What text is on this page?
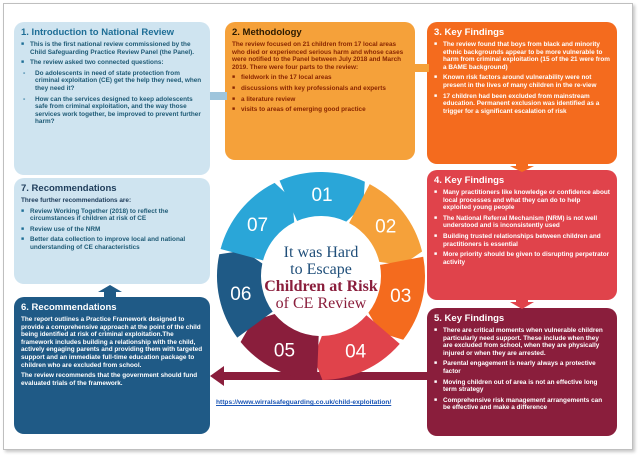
1. Introduction to National Review
■ This is the first national review commissioned by the Child Safeguarding Practice Review Panel (the Panel).
■ The review asked two connected questions:
- Do adolescents in need of state protection from criminal exploitation (CE) get the help they need, when they need it?
- How can the services designed to keep adolescents safe from criminal exploitation, and the way those services work together, be improved to prevent further harm?
2. Methodology

The review focused on 21 children from 17 local areas who died or experienced serious harm and whose cases were notified to the Panel between July 2018 and March 2019. There were four parts to the review:

■ fieldwork in the 17 local areas
■ discussions with key professionals and experts
■ a literature review
■ visits to areas of emerging good practice
3. Key Findings
■ The review found that boys from black and minority ethnic backgrounds appear to be more vulnerable to harm from criminal exploitation (15 of the 21 were from a BAME background)
■ Known risk factors around vulnerability were not present in the lives of many children in the re-view
■ 17 children had been excluded from mainstream education. Permanent exclusion was identified as a trigger for a significant escalation of risk
4. Key Findings
■ Many practitioners like knowledge or confidence about local processes and what they can do to help exploited young people
■ The National Referral Mechanism (NRM) is not well understood and is inconsistently used
■ Building trusted relationships between children and practitioners is essential
■ More priority should be given to disrupting perpetrator activity
5. Key Findings
■ There are critical moments when vulnerable children particularly need support. These include when they are excluded from school, when they are physically injured or when they are arrested.
■ Parental engagement is nearly always a protective factor
■ Moving children out of area is not an effective long term strategy
■ Comprehensive risk management arrangements can be effective and make a difference
7. Recommendations

Three further recommendations are:

■ Review Working Together (2018) to reflect the circumstances if children at risk of CE
■ Review use of the NRM
■ Better data collection to improve local and national understanding of CE characteristics
6. Recommendations

The report outlines a Practice Framework designed to provide a comprehensive approach at the point of the child being identified at risk of criminal exploitation.The framework includes building a relationship with the child, actively engaging parents and providing them with targeted support and an immediate full-time education package to children who are excluded from school.

The review recommends that the government should fund evaluated trials of the framework.

01
02
03
04
05
06
07
It was Hard
to Escape
Children at Risk
of CE Review
https://www.wirralsafeguarding.co.uk/child-exploitation/
